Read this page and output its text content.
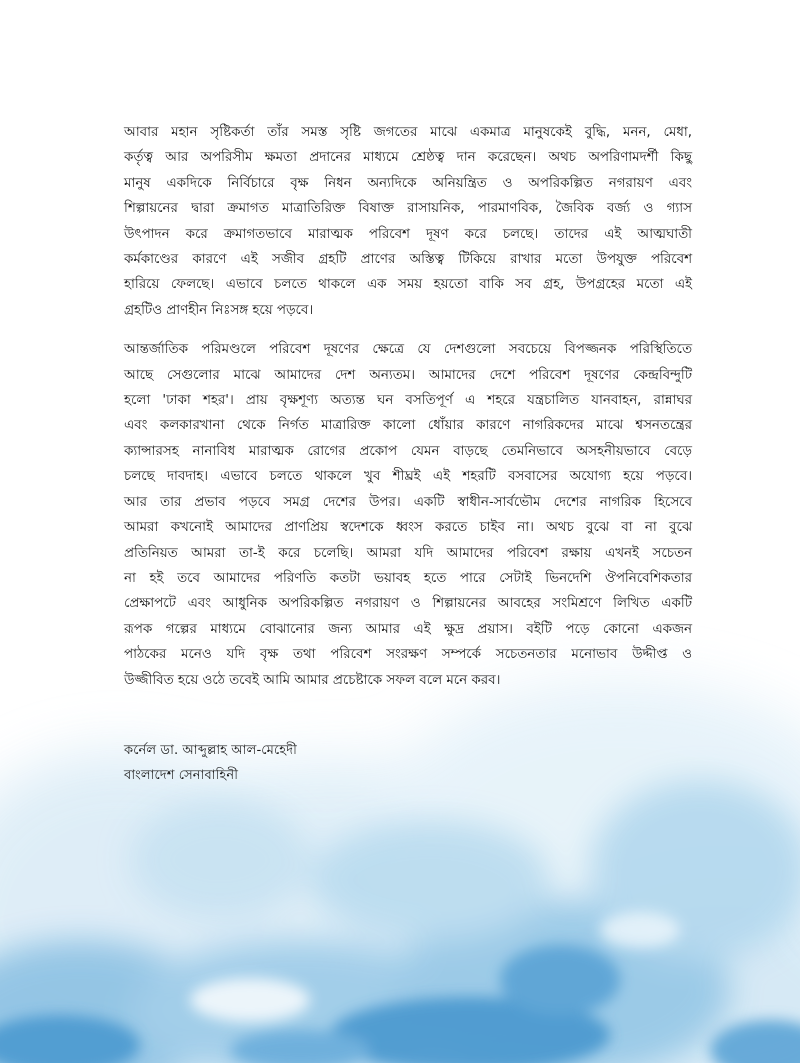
আবার মহান সৃষ্টিকর্তা তাঁর সমস্ত সৃষ্টি জগতের মাঝে একমাত্র মানুষকেই বুদ্ধি, মনন, মেধা,
কর্তৃত্ব আর অপরিসীম ক্ষমতা প্রদানের মাধ্যমে শ্রেষ্ঠত্ব দান করেছেন। অথচ অপরিণামদর্শী কিছু
মানুষ একদিকে নির্বিচারে বৃক্ষ নিধন অন্যদিকে অনিয়ন্ত্রিত ও অপরিকল্পিত নগরায়ণ এবং
শিল্পায়নের দ্বারা ক্রমাগত মাত্রাতিরিক্ত বিষাক্ত রাসায়নিক, পারমাণবিক, জৈবিক বর্জ্য ও গ্যাস
উৎপাদন করে ক্রমাগতভাবে মারাত্মক পরিবেশ দূষণ করে চলছে। তাদের এই আত্মঘাতী
কর্মকাণ্ডের কারণে এই সজীব গ্রহটি প্রাণের অস্তিত্ব টিকিয়ে রাখার মতো উপযুক্ত পরিবেশ
হারিয়ে ফেলছে। এভাবে চলতে থাকলে এক সময় হয়তো বাকি সব গ্রহ, উপগ্রহের মতো এই
গ্রহটিও প্রাণহীন নিঃসঙ্গ হয়ে পড়বে।

আন্তর্জাতিক পরিমণ্ডলে পরিবেশ দূষণের ক্ষেত্রে যে দেশগুলো সবচেয়ে বিপজ্জনক পরিস্থিতিতে
আছে সেগুলোর মাঝে আমাদের দেশ অন্যতম। আমাদের দেশে পরিবেশ দূষণের কেন্দ্রবিন্দুটি
হলো 'ঢাকা শহর'। প্রায় বৃক্ষশূণ্য অত্যন্ত ঘন বসতিপূর্ণ এ শহরে যন্ত্রচালিত যানবাহন, রান্নাঘর
এবং কলকারখানা থেকে নির্গত মাত্রারিক্ত কালো ধোঁয়ার কারণে নাগরিকদের মাঝে শ্বসনতন্ত্রের
ক্যান্সারসহ নানাবিধ মারাত্মক রোগের প্রকোপ যেমন বাড়ছে তেমনিভাবে অসহনীয়ভাবে বেড়ে
চলছে দাবদাহ। এভাবে চলতে থাকলে খুব শীঘ্রই এই শহরটি বসবাসের অযোগ্য হয়ে পড়বে।
আর তার প্রভাব পড়বে সমগ্র দেশের উপর। একটি স্বাধীন-সার্বভৌম দেশের নাগরিক হিসেবে
আমরা কখনোই আমাদের প্রাণপ্রিয় স্বদেশকে ধ্বংস করতে চাইব না। অথচ বুঝে বা না বুঝে
প্রতিনিয়ত আমরা তা-ই করে চলেছি। আমরা যদি আমাদের পরিবেশ রক্ষায় এখনই সচেতন
না হই তবে আমাদের পরিণতি কতটা ভয়াবহ হতে পারে সেটাই ভিনদেশি ঔপনিবেশিকতার
প্রেক্ষাপটে এবং আধুনিক অপরিকল্পিত নগরায়ণ ও শিল্পায়নের আবহের সংমিশ্রণে লিখিত একটি
রূপক গল্পের মাধ্যমে বোঝানোর জন্য আমার এই ক্ষুদ্র প্রয়াস। বইটি পড়ে কোনো একজন
পাঠকের মনেও যদি বৃক্ষ তথা পরিবেশ সংরক্ষণ সম্পর্কে সচেতনতার মনোভাব উদ্দীপ্ত ও
উজ্জীবিত হয়ে ওঠে তবেই আমি আমার প্রচেষ্টাকে সফল বলে মনে করব।

কর্নেল ডা. আব্দুল্লাহ আল-মেহেদী
বাংলাদেশ সেনাবাহিনী
